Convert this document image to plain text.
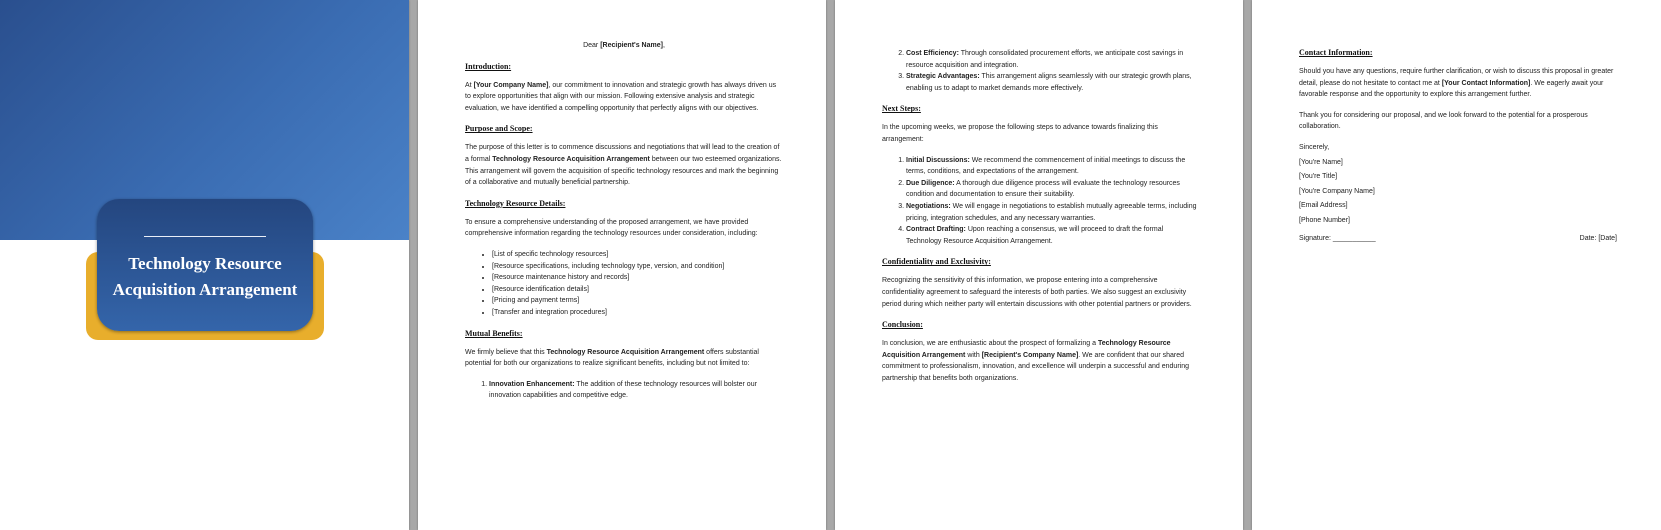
Technology Resource
Acquisition Arrangement

Dear [Recipient's Name],

Introduction:

At [Your Company Name], our commitment to innovation and strategic growth has always driven us to explore opportunities that align with our mission. Following extensive analysis and strategic evaluation, we have identified a compelling opportunity that perfectly aligns with our objectives.

Purpose and Scope:

The purpose of this letter is to commence discussions and negotiations that will lead to the creation of a formal Technology Resource Acquisition Arrangement between our two esteemed organizations. This arrangement will govern the acquisition of specific technology resources and mark the beginning of a collaborative and mutually beneficial partnership.

Technology Resource Details:

To ensure a comprehensive understanding of the proposed arrangement, we have provided comprehensive information regarding the technology resources under consideration, including:

• [List of specific technology resources]
• [Resource specifications, including technology type, version, and condition]
• [Resource maintenance history and records]
• [Resource identification details]
• [Pricing and payment terms]
• [Transfer and integration procedures]
Mutual Benefits:

We firmly believe that this Technology Resource Acquisition Arrangement offers substantial potential for both our organizations to realize significant benefits, including but not limited to:

1. Innovation Enhancement: The addition of these technology resources will bolster our innovation capabilities and competitive edge.
2. Cost Efficiency: Through consolidated procurement efforts, we anticipate cost savings in resource acquisition and integration.
3. Strategic Advantages: This arrangement aligns seamlessly with our strategic growth plans, enabling us to adapt to market demands more effectively.
Next Steps:

In the upcoming weeks, we propose the following steps to advance towards finalizing this arrangement:

1. Initial Discussions: We recommend the commencement of initial meetings to discuss the terms, conditions, and expectations of the arrangement.
2. Due Diligence: A thorough due diligence process will evaluate the technology resources condition and documentation to ensure their suitability.
3. Negotiations: We will engage in negotiations to establish mutually agreeable terms, including pricing, integration schedules, and any necessary warranties.
4. Contract Drafting: Upon reaching a consensus, we will proceed to draft the formal Technology Resource Acquisition Arrangement.
Confidentiality and Exclusivity:

Recognizing the sensitivity of this information, we propose entering into a comprehensive confidentiality agreement to safeguard the interests of both parties. We also suggest an exclusivity period during which neither party will entertain discussions with other potential partners or providers.

Conclusion:

In conclusion, we are enthusiastic about the prospect of formalizing a Technology Resource Acquisition Arrangement with [Recipient's Company Name]. We are confident that our shared commitment to professionalism, innovation, and excellence will underpin a successful and enduring partnership that benefits both organizations.

Contact Information:

Should you have any questions, require further clarification, or wish to discuss this proposal in greater detail, please do not hesitate to contact me at [Your Contact Information]. We eagerly await your favorable response and the opportunity to explore this arrangement further.

Thank you for considering our proposal, and we look forward to the potential for a prosperous collaboration.

Sincerely,
[You're Name]
[You're Title]
[You're Company Name]
[Email Address]
[Phone Number]
Signature: ___________	Date: [Date]
